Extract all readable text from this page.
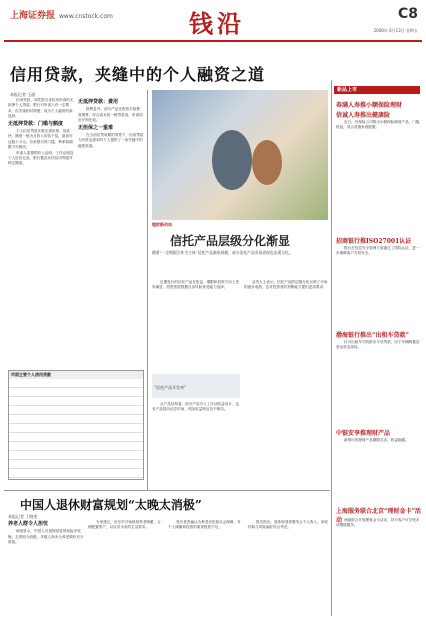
上海证券报 www.cnstock.com	钱沿	C8
2008年 6月13日 星期五
信用贷款，夹缝中的个人融资之道
本报记者 王丽

信用贷款，即凭借自身信用申请的无抵押个人贷款。银行对申请人有一定要求，但手续相对简便，成为个人融资的新选择。

无抵押贷款：门槛与额度

个人信用贷款多数无需担保，放款快，额度一般为月收入的若干倍，最高可达数十万元。各家银行的门槛、利率和期限不尽相同。

申请人需提供收入证明、工作证明及个人征信记录，银行据此评估信用等级并核定额度。

无抵押贷款：费用

除利息外，部分产品还收取手续费、管理费，综合成本较一般贷款高，申请前应仔细比较。

无担保之一重难

在当前信贷收紧的背景下，信用贷款为有资金需求的个人提供了一条夹缝中的融资渠道。

理财新动向
信托产品层级分化渐显
随着“一定期限合作为主体”信托产品渐成规模，部分信托产品市场表现也出现分化。

近期发行的信托产品在收益、期限和投资方向上差异渐显，投资者需根据自身风险承受能力选择。

业内人士表示，信托产品的层级分化反映了市场的逐步成熟，也对投资者的判断能力提出更高要求。

“信托产品开发率”

从产品结构看，部分产品引入了浮动收益设计，也有产品投向证券市场，风险收益特征各不相同。

市面主要个人信用贷款
新品上市
春满人寿推小额保险理财
信诚人寿推出健康险

近日，有保险公司推出小额保险理财产品，门槛较低，适合普通家庭配置。

招商银行推ISO27001认证

银行在信息安全管理方面通过了国际认证，进一步保障客户交易安全。

渤海银行推出“出租车贷款”

针对出租车司机推出专项贷款，用于车辆购置及营运资金周转。

中银安享推理财产品

新推出的理财产品期限灵活，收益稳健。

上海服务联合北京“理财金卡”活动 两地联合开展理财金卡活动，持卡客户可享受多项增值服务。

中国人退休财富规划“太晚太消极”
本报记者 丁晓雯
养老人群令人担忧

调查显示，中国人对退休财富规划起步较晚，态度较为消极，多数人尚未为养老做好充分准备。

专家建议，应尽早开始规划养老储蓄，合理配置资产，以应对未来的生活需求。

受访者普遍认为养老应依靠社会保障，对个人储蓄和投资的重视程度不足。

报告指出，退休规划需要结合个人收入、家庭结构与风险偏好综合考虑。
